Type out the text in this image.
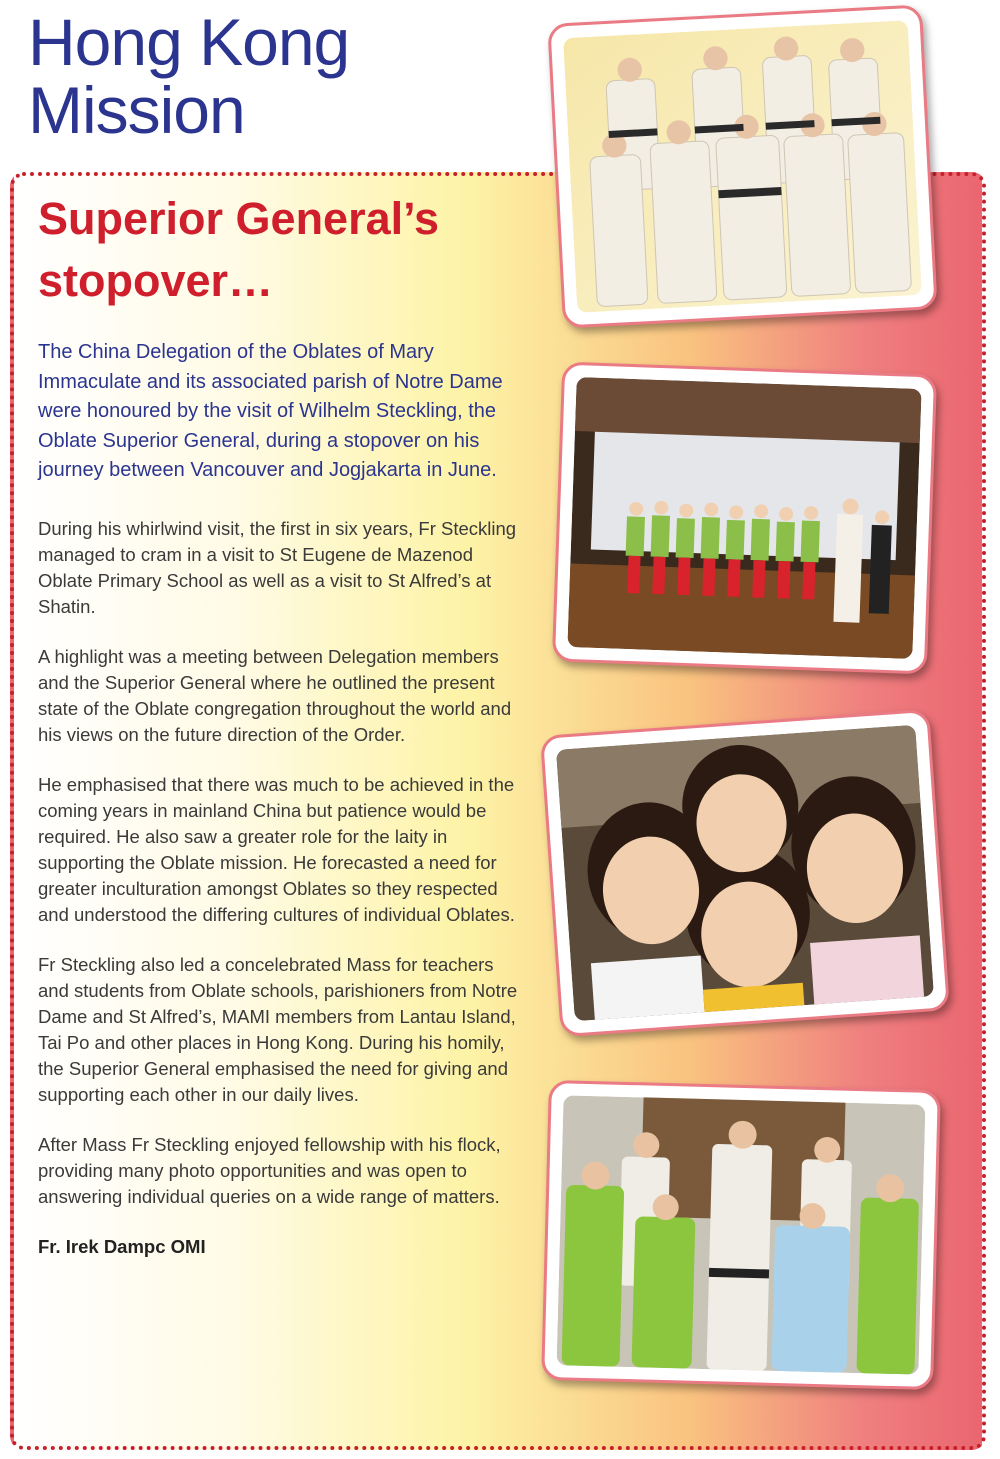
Hong Kong
Mission
Superior General’s
stopover…

The China Delegation of the Oblates of Mary Immaculate and its associated parish of Notre Dame were honoured by the visit of Wilhelm Steckling, the Oblate Superior General, during a stopover on his journey between Vancouver and Jogjakarta in June.

During his whirlwind visit, the first in six years, Fr Steckling managed to cram in a visit to St Eugene de Mazenod Oblate Primary School as well as a visit to St Alfred’s at Shatin.

A highlight was a meeting between Delegation members and the Superior General where he outlined the present state of the Oblate congregation throughout the world and his views on the future direction of the Order.

He emphasised that there was much to be achieved in the coming years in mainland China but patience would be required. He also saw a greater role for the laity in supporting the Oblate mission. He forecasted a need for greater inculturation amongst Oblates so they respected and understood the differing cultures of individual Oblates.

Fr Steckling also led a concelebrated Mass for teachers and students from Oblate schools, parishioners from Notre Dame and St Alfred’s, MAMI members from Lantau Island, Tai Po and other places in Hong Kong. During his homily, the Superior General emphasised the need for giving and supporting each other in our daily lives.

After Mass Fr Steckling enjoyed fellowship with his flock, providing many photo opportunities and was open to answering individual queries on a wide range of matters.

Fr. Irek Dampc OMI
